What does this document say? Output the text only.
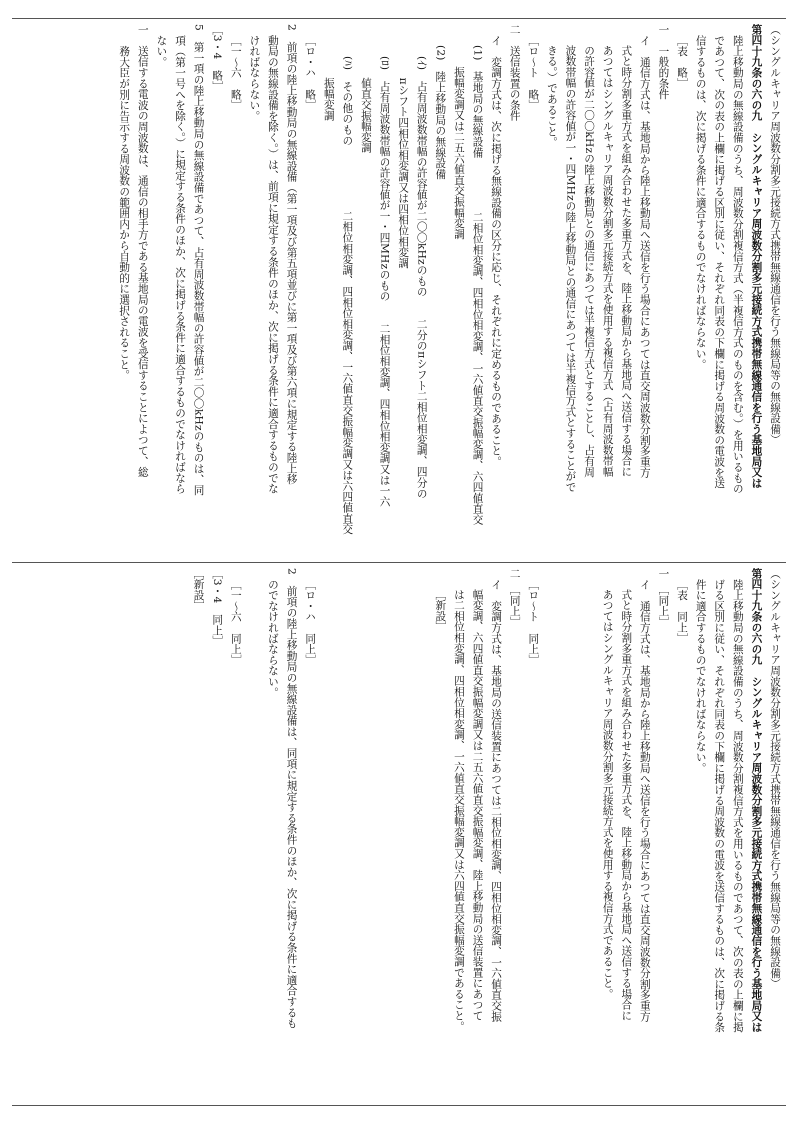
（シングルキャリア周波数分割多元接続方式携帯無線通信を行う無線局等の無線設備）
第四十九条の六の九　シングルキャリア周波数分割多元接続方式携帯無線通信を行う基地局又は
陸上移動局の無線設備のうち、周波数分割複信方式（半複信方式のものを含む。）を用いるもの
であつて、次の表の上欄に掲げる区別に従い、それぞれ同表の下欄に掲げる周波数の電波を送
信するものは、次に掲げる条件に適合するものでなければならない。
［表　略］
一　一般的条件
イ　通信方式は、基地局から陸上移動局へ送信を行う場合にあつては直交周波数分割多重方
式と時分割多重方式を組み合わせた多重方式を、陸上移動局から基地局へ送信する場合に
あつてはシングルキャリア周波数分割多元接続方式を使用する複信方式（占有周波数帯幅
の許容値が二〇〇kHzの陸上移動局との通信にあつては半複信方式とすることし、占有周
波数帯幅の許容値が一・四MHzの陸上移動局との通信にあつては半複信方式とすることがで
きる。）であること。
［ロ～ト　略］
二　送信装置の条件
イ　変調方式は、次に掲げる無線設備の区分に応じ、それぞれに定めるものであること。
(1)　基地局の無線設備　　　　　二相位相変調、四相位相変調、一六値直交振幅変調、六四値直交
　　振幅変調又は二五六値直交振幅変調
(2)　陸上移動局の無線設備
(ｲ)　占有周波数帯幅の許容値が二〇〇kHzのもの　　二分のπシフト二相位相変調、四分の
　　πシフト四相位相変調又は四相位相変調
(ﾛ)　占有周波数帯幅の許容値が一・四MHzのもの　　二相位相変調、四相位相変調又は一六
　　値直交振幅変調
(ﾊ)　その他のもの　　　　　　二相位相変調、四相位相変調、一六値直交振幅変調又は六四値直交
　　振幅変調
［ロ・ハ　略］
2　前項の陸上移動局の無線設備（第一項及び第五項並びに第一項及び第六項に規定する陸上移
動局の無線設備を除く。）は、前項に規定する条件のほか、次に掲げる条件に適合するものでな
ければならない。
［一～六　略］
［3・4　略］
5　第一項の陸上移動局の無線設備であつて、占有周波数帯幅の許容値が二〇〇kHzのものは、同
項（第一号へを除く。）に規定する条件のほか、次に掲げる条件に適合するものでなければなら
ない。
一　送信する電波の周波数は、通信の相手方である基地局の電波を受信することによつて、総
　務大臣が別に告示する周波数の範囲内から自動的に選択されること。
（シングルキャリア周波数分割多元接続方式携帯無線通信を行う無線局等の無線設備）
第四十九条の六の九　シングルキャリア周波数分割多元接続方式携帯無線通信を行う基地局又は
陸上移動局の無線設備のうち、周波数分割複信方式を用いるものであつて、次の表の上欄に掲
げる区別に従い、それぞれ同表の下欄に掲げる周波数の電波を送信するものは、次に掲げる条
件に適合するものでなければならない。
［表　同上］
一　［同上］
イ　通信方式は、基地局から陸上移動局へ送信を行う場合にあつては直交周波数分割多重方
式と時分割多重方式を組み合わせた多重方式を、陸上移動局から基地局へ送信する場合に
あつてはシングルキャリア周波数分割多元接続方式を使用する複信方式であること。
［ロ～ト　同上］
二　［同上］
イ　変調方式は、基地局の送信装置にあつては二相位相変調、四相位相変調、一六値直交振
幅変調、六四値直交振幅変調又は二五六値直交振幅変調、陸上移動局の送信装置にあつて
は二相位相変調、四相位相変調、一六値直交振幅変調又は六四値直交振幅変調であること。
［新設］
［ロ・ハ　同上］
2　前項の陸上移動局の無線設備は、同項に規定する条件のほか、次に掲げる条件に適合するも
のでなければならない。
［一～六　同上］
［3・4　同上］
［新設］
